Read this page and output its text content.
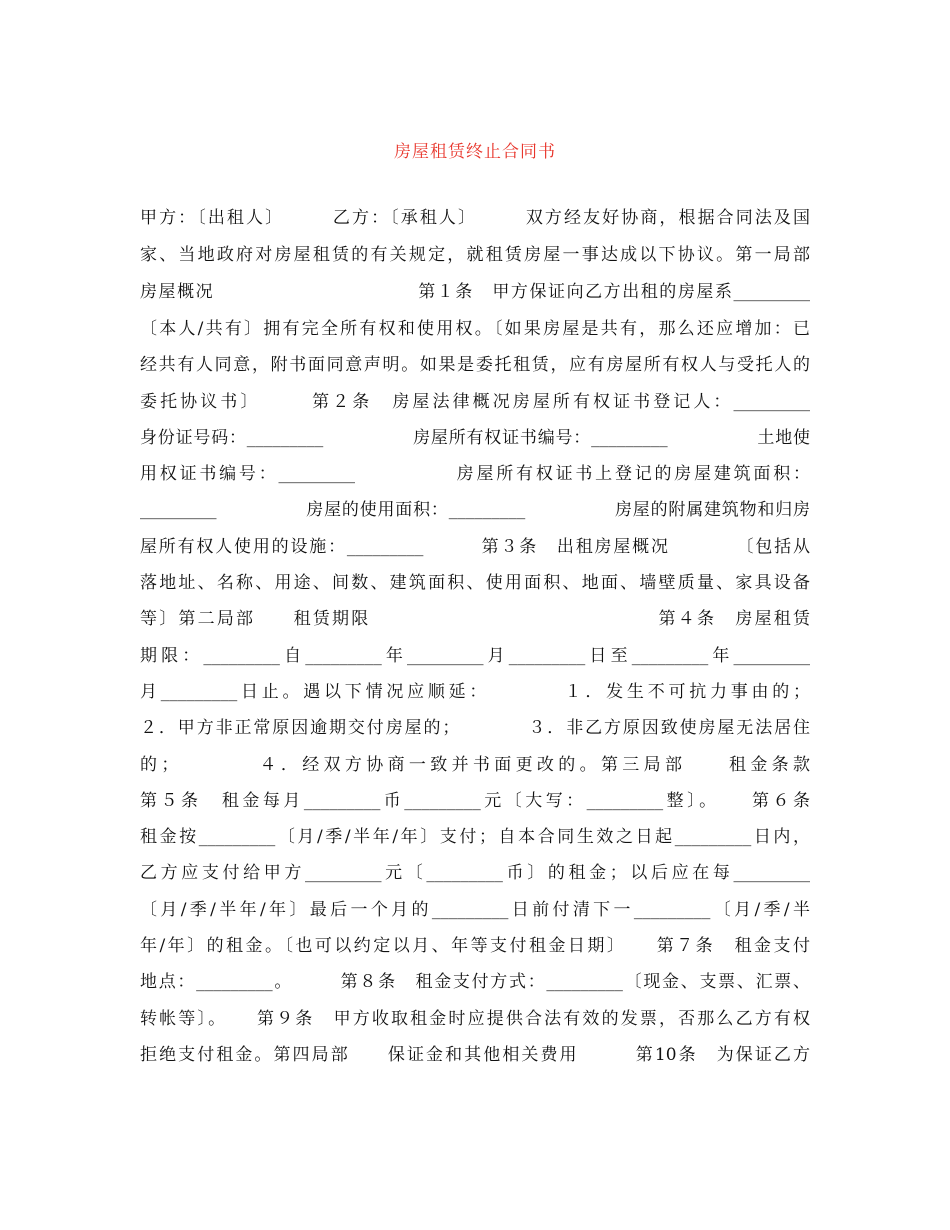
房屋租赁终止合同书
甲方：〔出租人〕　　　乙方：〔承租人〕　　　双方经友好协商，根据合同法及国
家、当地政府对房屋租赁的有关规定，就租赁房屋一事达成以下协议。第一局部
房屋概况　　　　　　　　　　　第１条　甲方保证向乙方出租的房屋系_________
〔本人/共有〕拥有完全所有权和使用权。〔如果房屋是共有，那么还应增加：已
经共有人同意，附书面同意声明。如果是委托租赁，应有房屋所有权人与受托人的
委托协议书〕　　　第２条　房屋法律概况房屋所有权证书登记人：_________
身份证号码：_________　　　　　房屋所有权证书编号：_________　　　　　土地使
用权证书编号：_________　　　　　房屋所有权证书上登记的房屋建筑面积：
_________　　　　　房屋的使用面积：_________　　　　　房屋的附属建筑物和归房
屋所有权人使用的设施：_________　　　第３条　出租房屋概况　　　　〔包括从
落地址、名称、用途、间数、建筑面积、使用面积、地面、墙壁质量、家具设备
等〕第二局部　　租赁期限　　　　　　　　　　　　　　　第４条　房屋租赁
期限：_________自_________年_________月_________日至_________年_________
月_________日止。遇以下情况应顺延：　　　　１．发生不可抗力事由的；
２．甲方非正常原因逾期交付房屋的；　　　　３．非乙方原因致使房屋无法居住
的；　　　　４．经双方协商一致并书面更改的。第三局部　　租金条款
第５条　租金每月_________币_________元〔大写：_________整〕。　　第６条
租金按_________〔月/季/半年/年〕支付；自本合同生效之日起_________日内，
乙方应支付给甲方_________元〔_________币〕的租金；以后应在每_________
〔月/季/半年/年〕最后一个月的_________日前付清下一_________〔月/季/半
年/年〕的租金。〔也可以约定以月、年等支付租金日期〕　　第７条　租金支付
地点：_________。　　　第８条　租金支付方式：_________〔现金、支票、汇票、
转帐等〕。　　第９条　甲方收取租金时应提供合法有效的发票，否那么乙方有权
拒绝支付租金。第四局部　　保证金和其他相关费用　　　第10条　为保证乙方
